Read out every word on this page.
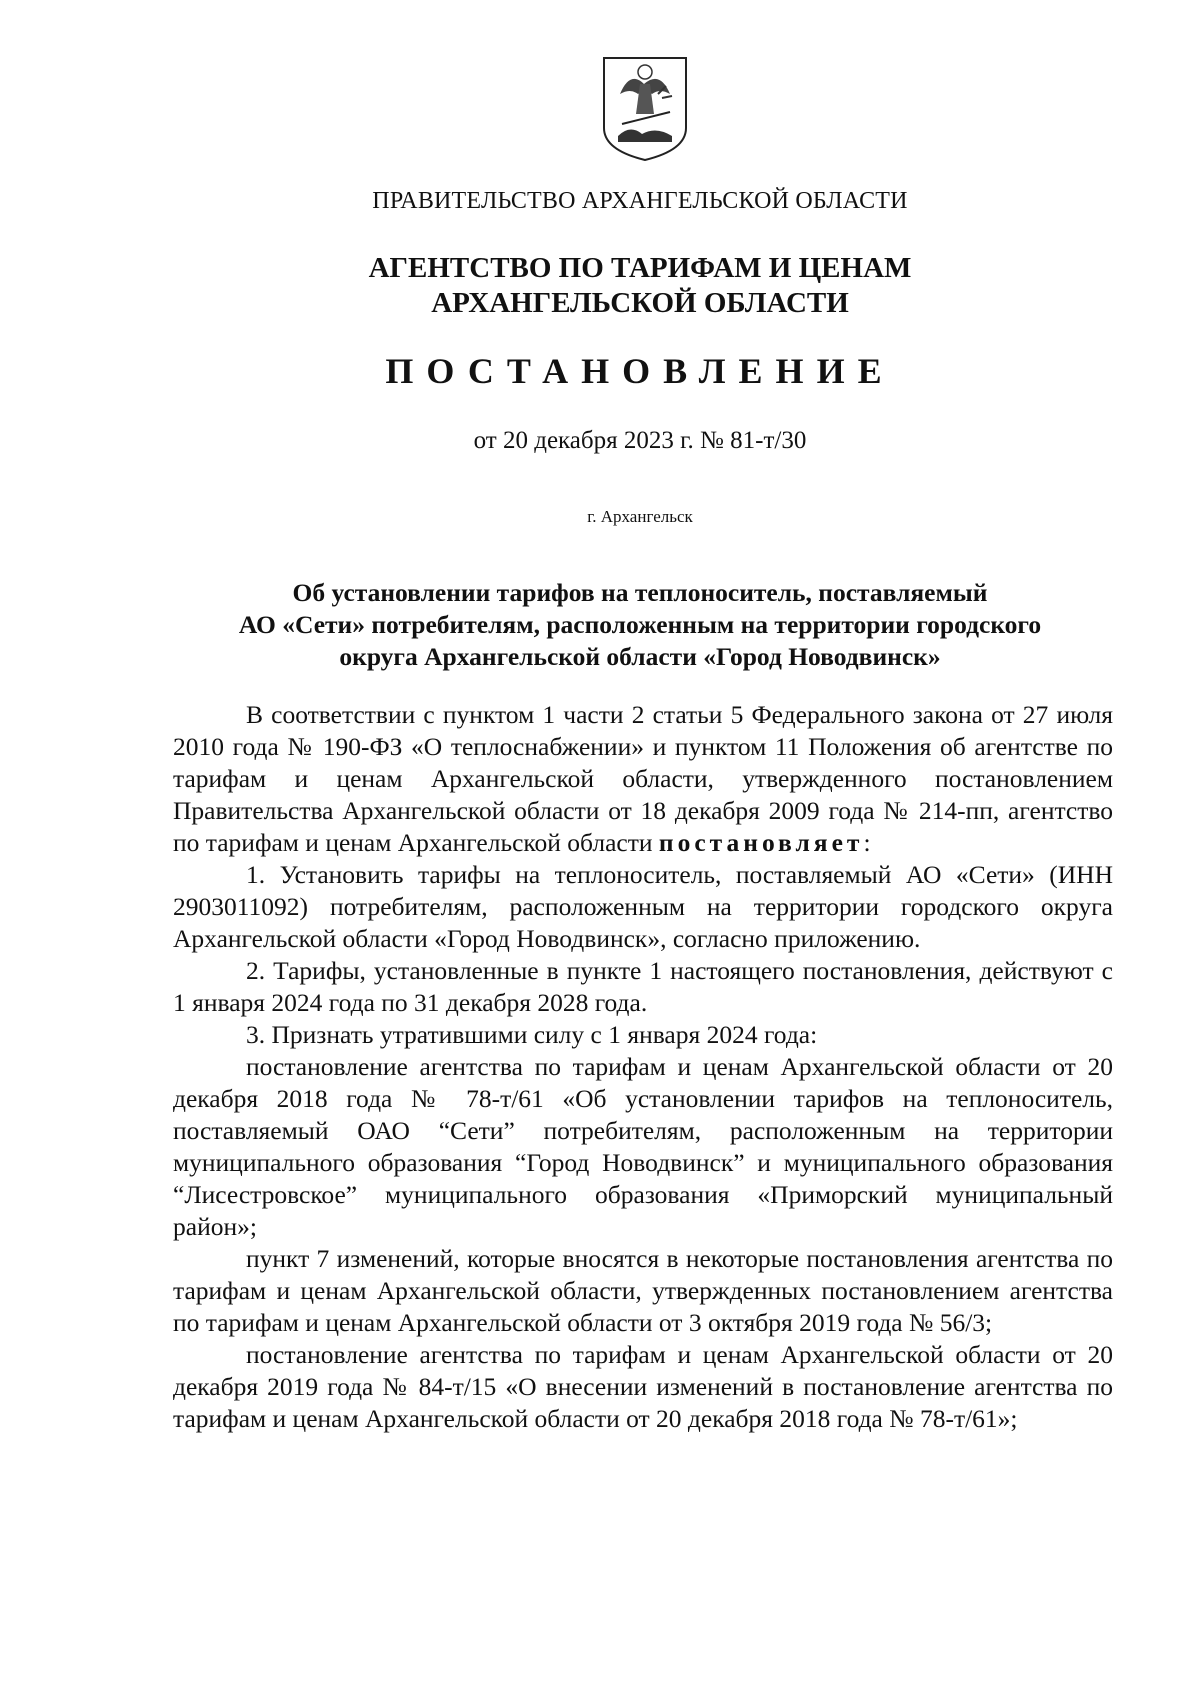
ПРАВИТЕЛЬСТВО АРХАНГЕЛЬСКОЙ ОБЛАСТИ
АГЕНТСТВО ПО ТАРИФАМ И ЦЕНАМ
АРХАНГЕЛЬСКОЙ ОБЛАСТИ
ПОСТАНОВЛЕНИЕ
от 20 декабря 2023 г. № 81-т/30
г. Архангельск
Об установлении тарифов на теплоноситель, поставляемый
АО «Сети» потребителям, расположенным на территории городского
округа Архангельской области «Город Новодвинск»

В соответствии с пунктом 1 части 2 статьи 5 Федерального закона от 27 июля 2010 года № 190-ФЗ «О теплоснабжении» и пунктом 11 Положения об агентстве по тарифам и ценам Архангельской области, утвержденного постановлением Правительства Архангельской области от 18 декабря 2009 года № 214-пп, агентство по тарифам и ценам Архангельской области постановляет:

1. Установить тарифы на теплоноситель, поставляемый АО «Сети» (ИНН 2903011092) потребителям, расположенным на территории городского округа Архангельской области «Город Новодвинск», согласно приложению.

2. Тарифы, установленные в пункте 1 настоящего постановления, действуют с 1 января 2024 года по 31 декабря 2028 года.

3. Признать утратившими силу с 1 января 2024 года:

постановление агентства по тарифам и ценам Архангельской области от 20 декабря 2018 года № 78-т/61 «Об установлении тарифов на теплоноситель, поставляемый ОАО “Сети” потребителям, расположенным на территории муниципального образования “Город Новодвинск” и муниципального образования “Лисестровское” муниципального образования «Приморский муниципальный район»;

пункт 7 изменений, которые вносятся в некоторые постановления агентства по тарифам и ценам Архангельской области, утвержденных постановлением агентства по тарифам и ценам Архангельской области от 3 октября 2019 года № 56/3;

постановление агентства по тарифам и ценам Архангельской области от 20 декабря 2019 года № 84-т/15 «О внесении изменений в постановление агентства по тарифам и ценам Архангельской области от 20 декабря 2018 года № 78-т/61»;
